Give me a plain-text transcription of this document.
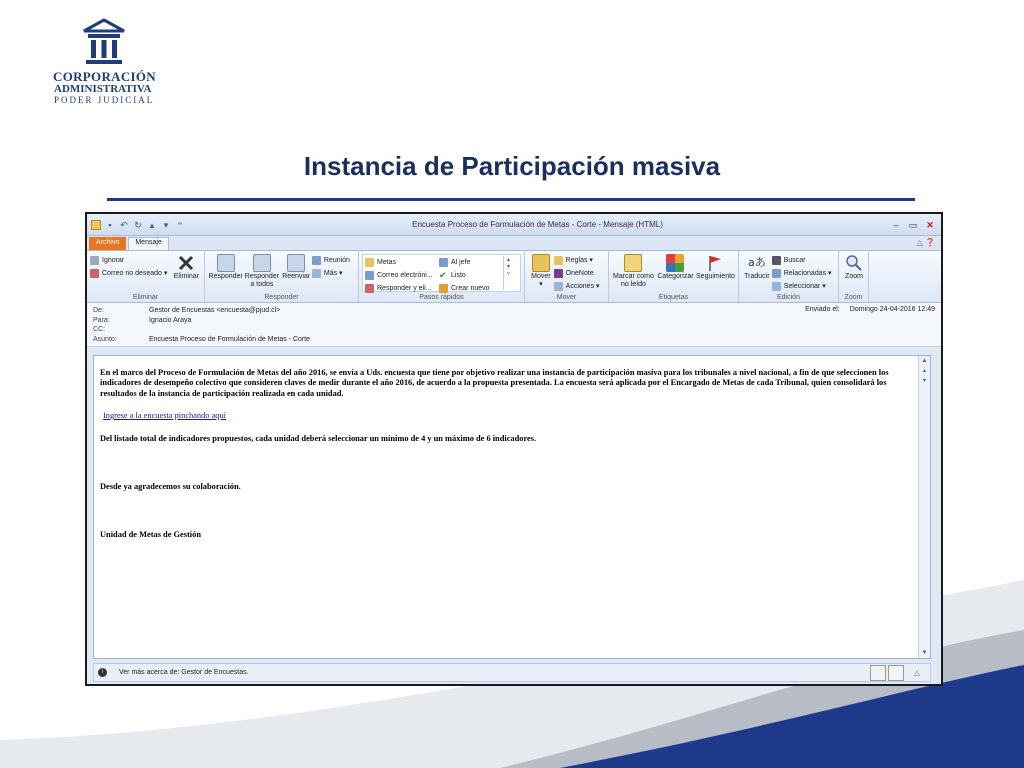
CORPORACIÓN
ADMINISTRATIVA
PODER JUDICIAL
Instancia de Participación masiva
▪ ↶ ↻ ▴	▾	⁼	Encuesta Proceso de Formulación de Metas - Corte - Mensaje (HTML)	–	▭ ✕
Archivo	Mensaje	△ ❓
Ignorar
Correo no deseado ▾ Eliminar
Eliminar
Responder Responder
a todos
Reenviar
Reunión
Más ▾
Responder
Metas
Correo electróni...
Responder y eli...
Al jefe
✔ Listo
Crear nuevo
▴
▾
▿
Pasos rápidos
Mover
▾
Reglas ▾
OneNote
Acciones ▾
Mover
Marcar como
no leído
Categorizar Seguimiento
Etiquetas
aあ
Traducir
Buscar
Relacionadas ▾
Seleccionar ▾
Edición
Zoom
Zoom
De:	Gestor de Encuestas <encuesta@pjud.cl>
Para:	Ignacio Araya
CC:
Asunto:	Encuesta Proceso de Formulación de Metas - Corte
Enviado el: Domingo 24-04-2016 12:49

En el marco del Proceso de Formulación de Metas del año 2016, se envía a Uds. encuesta que tiene por objetivo realizar una instancia de participación masiva para los tribunales a nivel nacional, a fin de que seleccionen los indicadores de desempeño colectivo que consideren claves de medir durante el año 2016, de acuerdo a la propuesta presentada. La encuesta será aplicada por el Encargado de Metas de cada Tribunal, quien consolidará los resultados de la instancia de participación realizada en cada unidad.

Ingrese a la encuesta pinchando aquí

Del listado total de indicadores propuestos, cada unidad deberá seleccionar un mínimo de 4 y un máximo de 6 indicadores.

Desde ya agradecemos su colaboración.

Unidad de Metas de Gestión

▲
▴
▾
▼
i	Ver más acerca de: Gestor de Encuestas.	△
